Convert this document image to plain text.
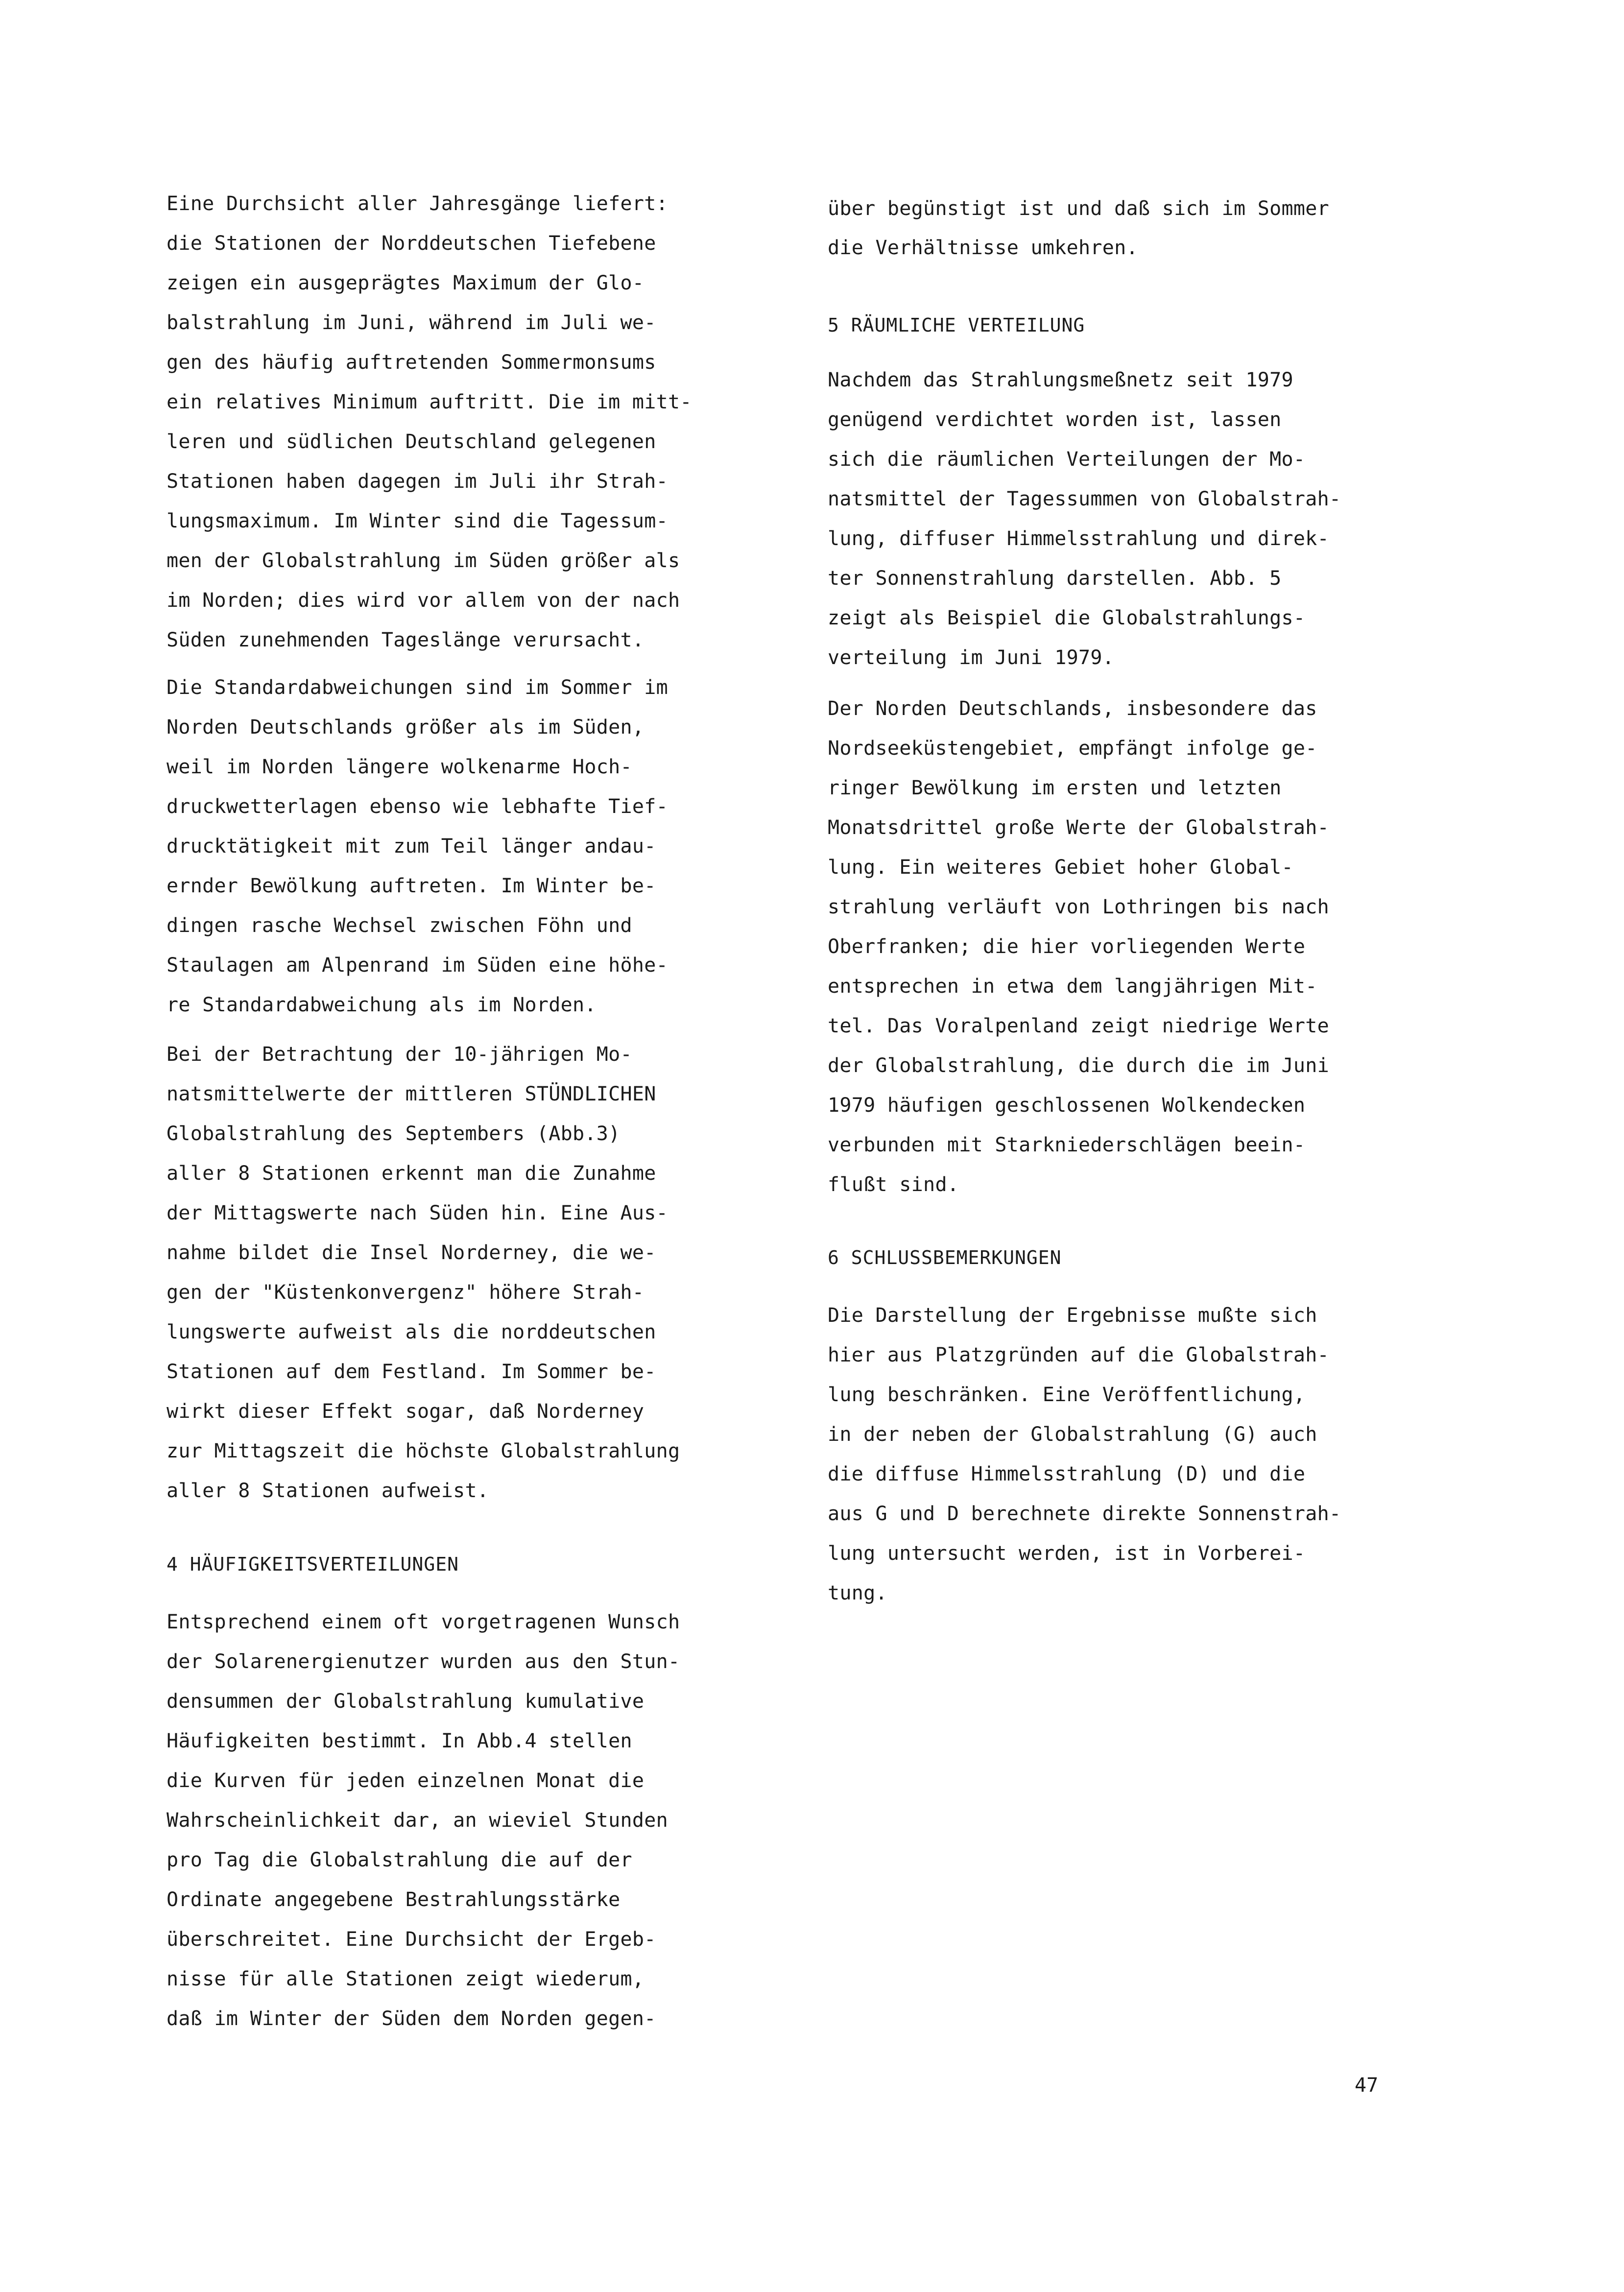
Eine Durchsicht aller Jahresgänge liefert:
die Stationen der Norddeutschen Tiefebene
zeigen ein ausgeprägtes Maximum der Glo-
balstrahlung im Juni, während im Juli we-
gen des häufig auftretenden Sommermonsums
ein relatives Minimum auftritt. Die im mitt-
leren und südlichen Deutschland gelegenen
Stationen haben dagegen im Juli ihr Strah-
lungsmaximum. Im Winter sind die Tagessum-
men der Globalstrahlung im Süden größer als
im Norden; dies wird vor allem von der nach
Süden zunehmenden Tageslänge verursacht.
Die Standardabweichungen sind im Sommer im
Norden Deutschlands größer als im Süden,
weil im Norden längere wolkenarme Hoch-
druckwetterlagen ebenso wie lebhafte Tief-
drucktätigkeit mit zum Teil länger andau-
ernder Bewölkung auftreten. Im Winter be-
dingen rasche Wechsel zwischen Föhn und
Staulagen am Alpenrand im Süden eine höhe-
re Standardabweichung als im Norden.
Bei der Betrachtung der 10-jährigen Mo-
natsmittelwerte der mittleren STÜNDLICHEN
Globalstrahlung des Septembers (Abb.3)
aller 8 Stationen erkennt man die Zunahme
der Mittagswerte nach Süden hin. Eine Aus-
nahme bildet die Insel Norderney, die we-
gen der "Küstenkonvergenz" höhere Strah-
lungswerte aufweist als die norddeutschen
Stationen auf dem Festland. Im Sommer be-
wirkt dieser Effekt sogar, daß Norderney
zur Mittagszeit die höchste Globalstrahlung
aller 8 Stationen aufweist.
4 HÄUFIGKEITSVERTEILUNGEN
Entsprechend einem oft vorgetragenen Wunsch
der Solarenergienutzer wurden aus den Stun-
densummen der Globalstrahlung kumulative
Häufigkeiten bestimmt. In Abb.4 stellen
die Kurven für jeden einzelnen Monat die
Wahrscheinlichkeit dar, an wieviel Stunden
pro Tag die Globalstrahlung die auf der
Ordinate angegebene Bestrahlungsstärke
überschreitet. Eine Durchsicht der Ergeb-
nisse für alle Stationen zeigt wiederum,
daß im Winter der Süden dem Norden gegen-
über begünstigt ist und daß sich im Sommer
die Verhältnisse umkehren.
5 RÄUMLICHE VERTEILUNG
Nachdem das Strahlungsmeßnetz seit 1979
genügend verdichtet worden ist, lassen
sich die räumlichen Verteilungen der Mo-
natsmittel der Tagessummen von Globalstrah-
lung, diffuser Himmelsstrahlung und direk-
ter Sonnenstrahlung darstellen. Abb. 5
zeigt als Beispiel die Globalstrahlungs-
verteilung im Juni 1979.
Der Norden Deutschlands, insbesondere das
Nordseeküstengebiet, empfängt infolge ge-
ringer Bewölkung im ersten und letzten
Monatsdrittel große Werte der Globalstrah-
lung. Ein weiteres Gebiet hoher Global-
strahlung verläuft von Lothringen bis nach
Oberfranken; die hier vorliegenden Werte
entsprechen in etwa dem langjährigen Mit-
tel. Das Voralpenland zeigt niedrige Werte
der Globalstrahlung, die durch die im Juni
1979 häufigen geschlossenen Wolkendecken
verbunden mit Starkniederschlägen beein-
flußt sind.
6 SCHLUSSBEMERKUNGEN
Die Darstellung der Ergebnisse mußte sich
hier aus Platzgründen auf die Globalstrah-
lung beschränken. Eine Veröffentlichung,
in der neben der Globalstrahlung (G) auch
die diffuse Himmelsstrahlung (D) und die
aus G und D berechnete direkte Sonnenstrah-
lung untersucht werden, ist in Vorberei-
tung.
47
